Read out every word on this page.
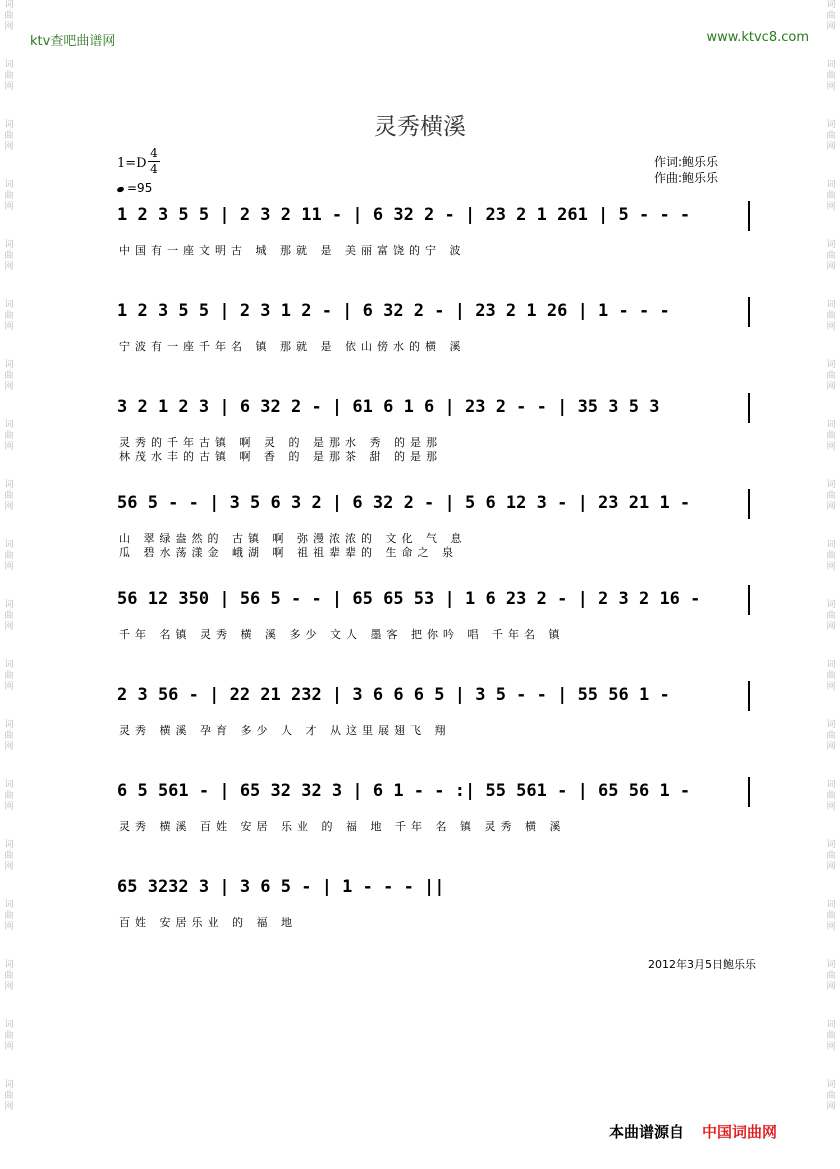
词
曲
网
词
曲
网
词
曲
网
词
曲
网
词
曲
网
词
曲
网
词
曲
网
词
曲
网
词
曲
网
词
曲
网
词
曲
网
词
曲
网
词
曲
网
词
曲
网
词
曲
网
词
曲
网
词
曲
网
词
曲
网
词
曲
网
词
曲
网
词
曲
网
词
曲
网
词
曲
网
词
曲
网
词
曲
网
词
曲
网
词
曲
网
词
曲
网
词
曲
网
词
曲
网
词
曲
网
词
曲
网
词
曲
网
词
曲
网
词
曲
网
词
曲
网
词
曲
网
词
曲
网
ktv查吧曲谱网	www.ktvc8.com
灵秀横溪
1=D
4
4
=95
作词:鲍乐乐
作曲:鲍乐乐
1 2 3 5 5 | 2 3 2 11 - | 6 32 2 - | 23 2 1 261 | 5 - - -
中国有一座文明古 城 那就 是 美丽富饶的宁 波
1 2 3 5 5 | 2 3 1 2 - | 6 32 2 - | 23 2 1 26 | 1 - - -
宁波有一座千年名 镇 那就 是 依山傍水的横 溪
3 2 1 2 3 | 6 32 2 - | 61 6 1 6 | 23 2 - - | 35 3 5 3
灵秀的千年古镇 啊 灵 的 是那水 秀 的是那
林茂水丰的古镇 啊 香 的 是那茶 甜 的是那
56 5 - - | 3 5 6 3 2 | 6 32 2 - | 5 6 12 3 - | 23 21 1 -
山 翠绿盎然的 古镇 啊 弥漫浓浓的 文化 气 息
瓜 碧水荡漾金 峨湖 啊 祖祖辈辈的 生命之 泉
56 12 350 | 56 5 - - | 65 65 53 | 1 6 23 2 - | 2 3 2 16 -
千年 名镇 灵秀 横 溪 多少 文人 墨客 把你吟 唱 千年名 镇
2 3 56 - | 22 21 232 | 3 6 6 6 5 | 3 5 - - | 55 56 1 -
灵秀 横溪 孕育 多少 人 才 从这里展翅飞 翔
6 5 561 - | 65 32 32 3 | 6 1 - - :| 55 561 - | 65 56 1 -
灵秀 横溪 百姓 安居 乐业 的 福 地 千年 名 镇 灵秀 横 溪
65 3232 3 | 3 6 5 - | 1 - - - ||
百姓 安居乐业 的 福 地
2012年3月5日鲍乐乐
本曲谱源自 中国词曲网
